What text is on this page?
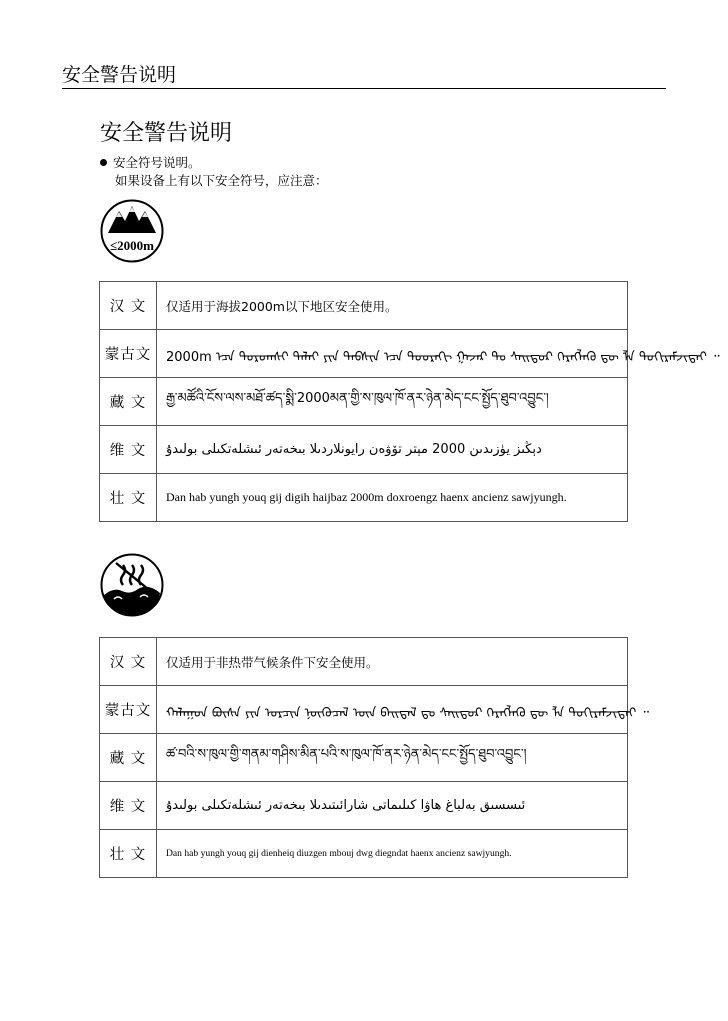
安全警告说明
安全警告说明
安全符号说明。
如果设备上有以下安全符号，应注意：
≤2000m
汉 文	仅适用于海拔2000m以下地区安全使用。
蒙古文	2000m ᠡᠴᠡ ᠳᠣᠷᠣᠭᠰᠢ ᠳᠠᠯᠠᠢ ᠶᠢᠨ ᠲᠡᠪᠰᠢᠨ ᠡᠴᠡ ᠳᠣᠣᠷᠠᠬᠢ ᠭᠠᠵᠠᠷ ᠲᠤ ᠰᠠᠢᠲᠤᠷ ᠬᠡᠷᠡᠭᠯᠡᠬᠦ ᠳᠦ ᠯᠠ ᠲᠣᠬᠢᠷᠠᠮᠵᠢᠲᠠᠢ ᠃
藏 文	རྒྱ་མཚོའི་ངོས་ལས་མཐོ་ཚད་སྨི་2000མན་གྱི་ས་ཁུལ་ཁོ་ནར་ཉེན་མེད་ངང་སྤྱོད་ཐུབ་འབྱུང་།
维 文	دېڭىز يۈزىدىن 2000 مېتر تۆۋەن رايونلاردىلا بىخەتەر ئىشلەتكىلى بولىدۇ
壮 文	Dan hab yungh youq gij digih haijbaz 2000m doxroengz haenx ancienz sawjyungh.
汉 文	仅适用于非热带气候条件下安全使用。
蒙古文	ᠬᠠᠯᠠᠭᠤᠨ ᠪᠦᠰᠡ ᠶᠢᠨ ᠤᠷᠴᠢᠨ ᠨᠥᠬᠦᠴᠡᠯ ᠦᠨ ᠪᠠᠢᠳᠠᠯ ᠳᠤ ᠰᠠᠢᠲᠤᠷ ᠬᠡᠷᠡᠭᠯᠡᠬᠦ ᠳᠦ ᠯᠠ ᠲᠣᠬᠢᠷᠠᠮᠵᠢᠲᠠᠢ ᠃
藏 文	ཚ་བའི་ས་ཁུལ་གྱི་གནམ་གཤིས་མིན་པའི་ས་ཁུལ་ཁོ་ནར་ཉེན་མེད་ངང་སྤྱོད་ཐུབ་འབྱུང་།
维 文	ئىسسىق بەلباغ ھاۋا كىلىماتى شارائىتىدىلا بىخەتەر ئىشلەتكىلى بولىدۇ
壮 文	Dan hab yungh youq gij dienheiq diuzgen mbouj dwg diegndat haenx ancienz sawjyungh.
